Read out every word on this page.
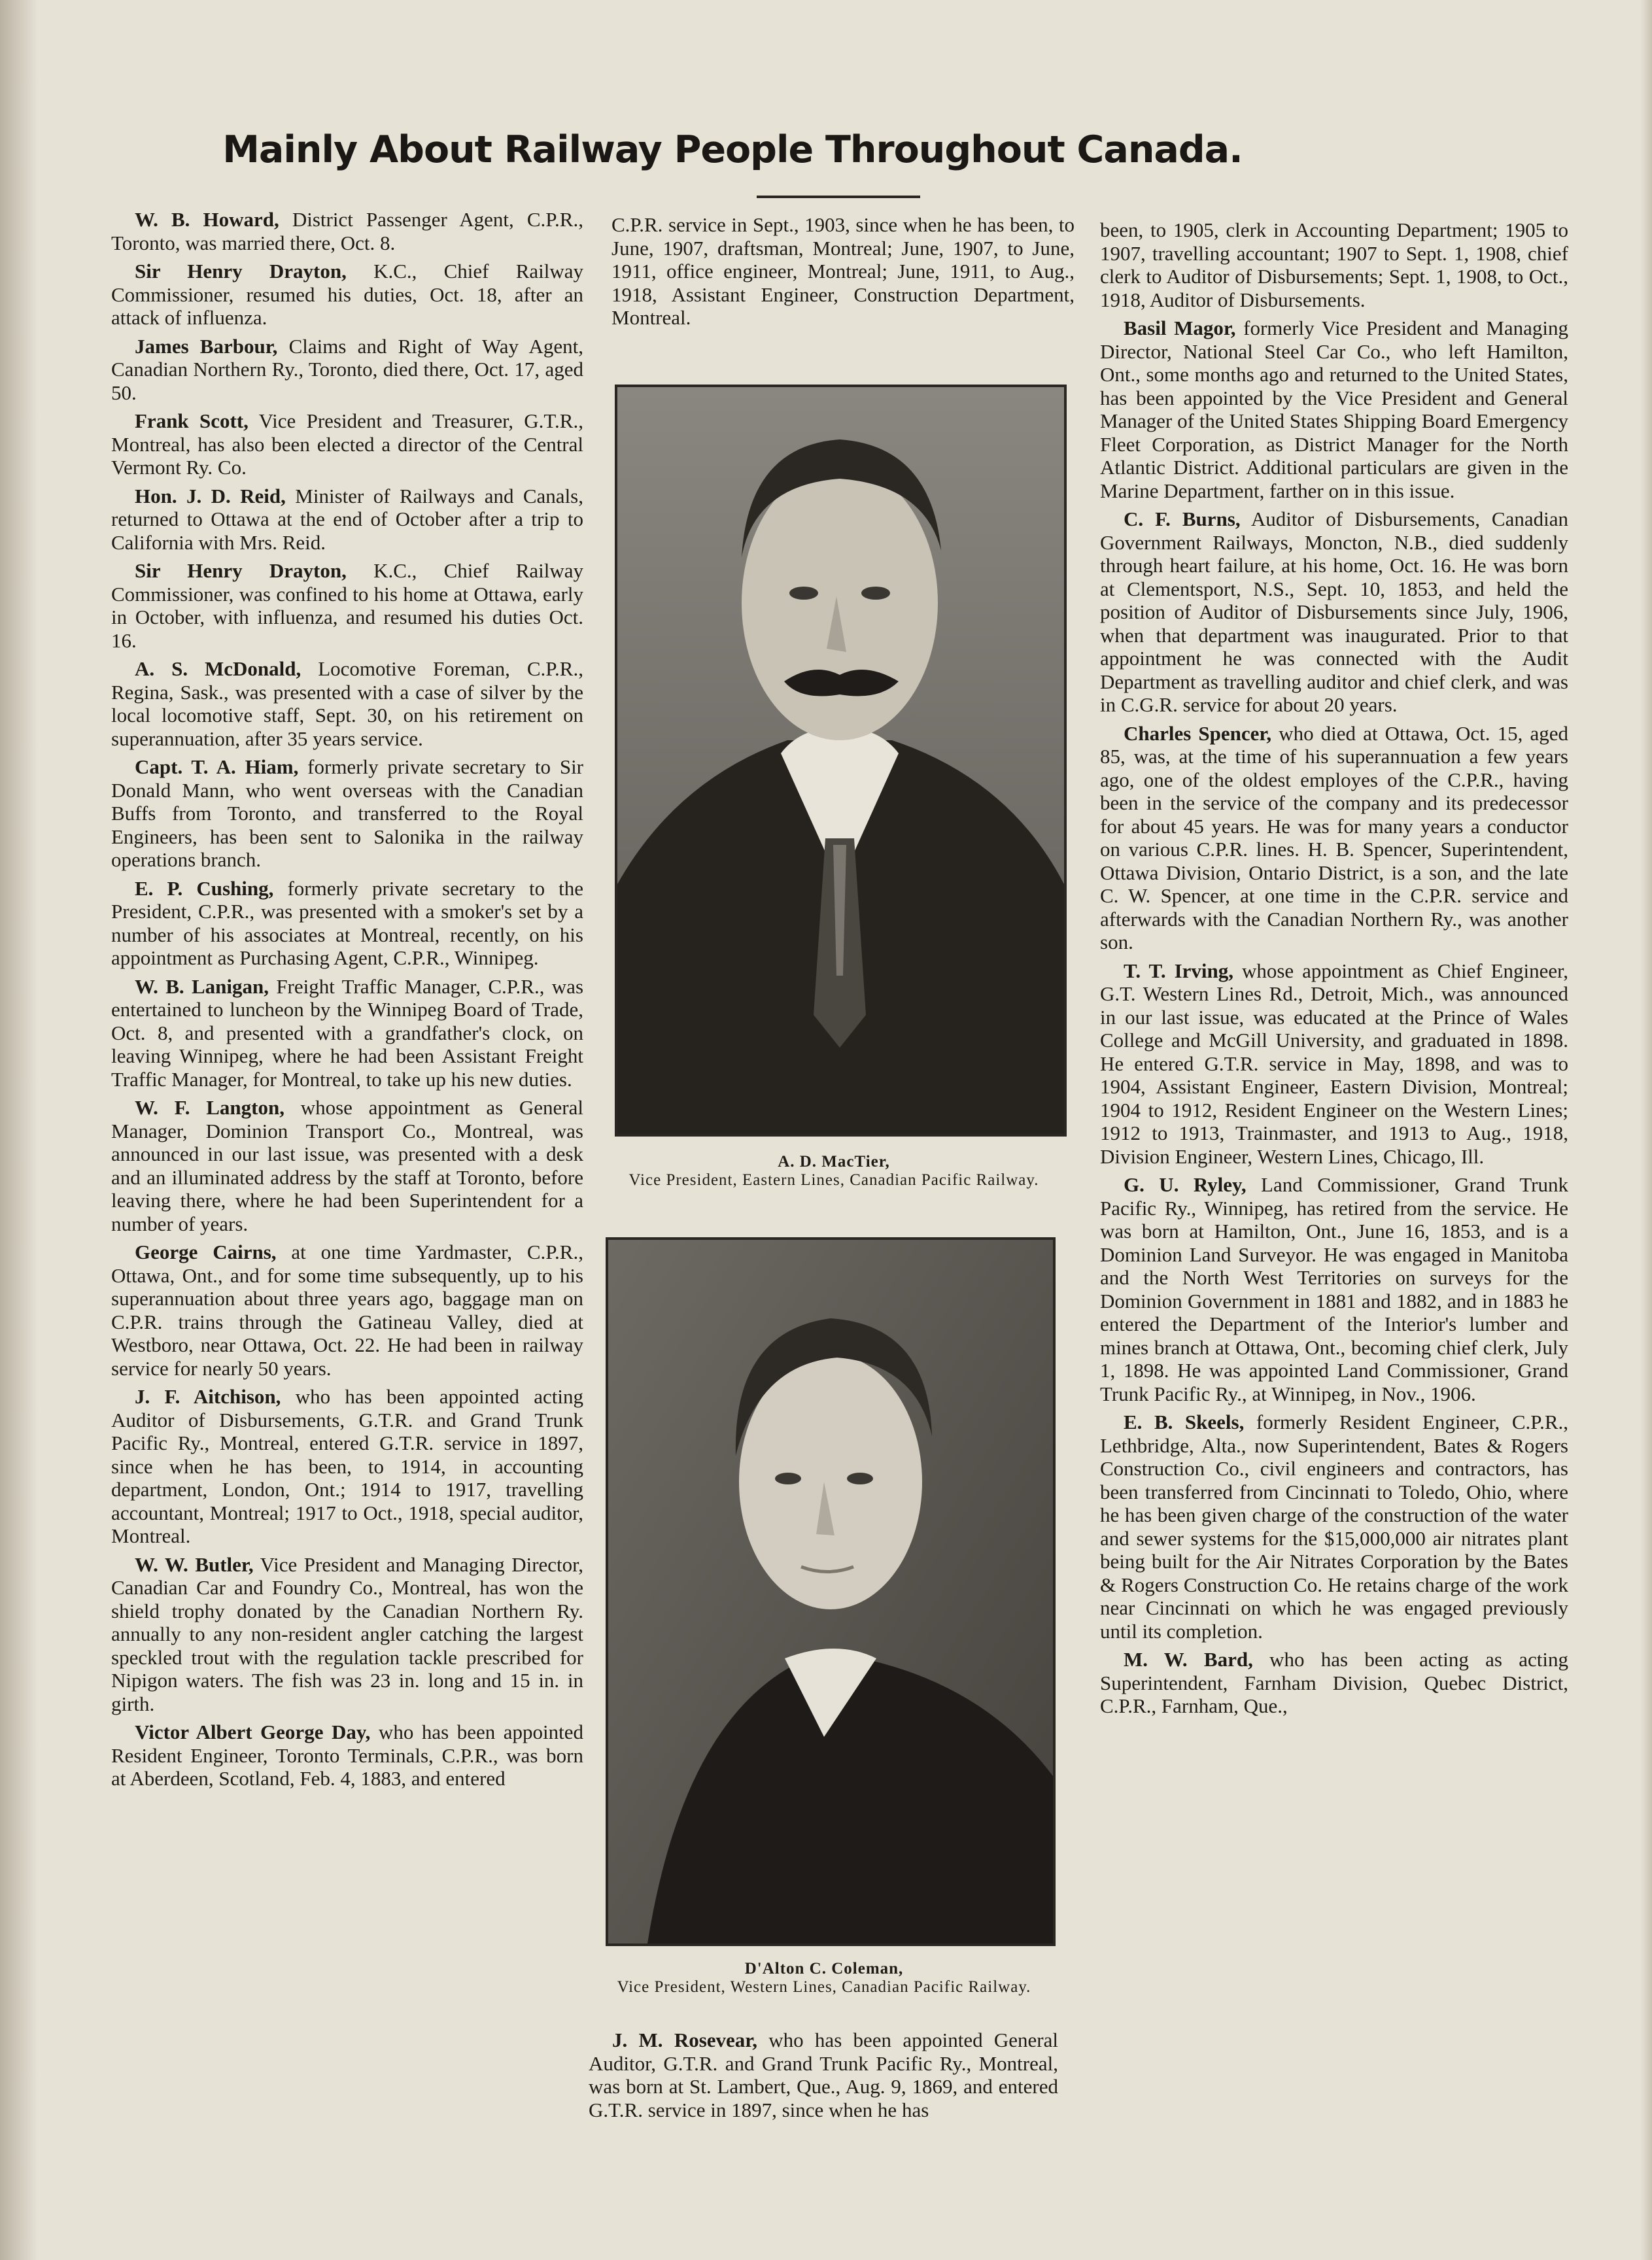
Mainly About Railway People Throughout Canada.

W. B. Howard, District Passenger Agent, C.P.R., Toronto, was married there, Oct. 8.

Sir Henry Drayton, K.C., Chief Railway Commissioner, resumed his duties, Oct. 18, after an attack of influenza.

James Barbour, Claims and Right of Way Agent, Canadian Northern Ry., Toronto, died there, Oct. 17, aged 50.

Frank Scott, Vice President and Treasurer, G.T.R., Montreal, has also been elected a director of the Central Vermont Ry. Co.

Hon. J. D. Reid, Minister of Railways and Canals, returned to Ottawa at the end of October after a trip to California with Mrs. Reid.

Sir Henry Drayton, K.C., Chief Railway Commissioner, was confined to his home at Ottawa, early in October, with influenza, and resumed his duties Oct. 16.

A. S. McDonald, Locomotive Foreman, C.P.R., Regina, Sask., was presented with a case of silver by the local locomotive staff, Sept. 30, on his retirement on superannuation, after 35 years service.

Capt. T. A. Hiam, formerly private secretary to Sir Donald Mann, who went overseas with the Canadian Buffs from Toronto, and transferred to the Royal Engineers, has been sent to Salonika in the railway operations branch.

E. P. Cushing, formerly private secretary to the President, C.P.R., was presented with a smoker's set by a number of his associates at Montreal, recently, on his appointment as Purchasing Agent, C.P.R., Winnipeg.

W. B. Lanigan, Freight Traffic Manager, C.P.R., was entertained to luncheon by the Winnipeg Board of Trade, Oct. 8, and presented with a grandfather's clock, on leaving Winnipeg, where he had been Assistant Freight Traffic Manager, for Montreal, to take up his new duties.

W. F. Langton, whose appointment as General Manager, Dominion Transport Co., Montreal, was announced in our last issue, was presented with a desk and an illuminated address by the staff at Toronto, before leaving there, where he had been Superintendent for a number of years.

George Cairns, at one time Yardmaster, C.P.R., Ottawa, Ont., and for some time subsequently, up to his superannuation about three years ago, baggage man on C.P.R. trains through the Gatineau Valley, died at Westboro, near Ottawa, Oct. 22. He had been in railway service for nearly 50 years.

J. F. Aitchison, who has been appointed acting Auditor of Disbursements, G.T.R. and Grand Trunk Pacific Ry., Montreal, entered G.T.R. service in 1897, since when he has been, to 1914, in accounting department, London, Ont.; 1914 to 1917, travelling accountant, Montreal; 1917 to Oct., 1918, special auditor, Montreal.

W. W. Butler, Vice President and Managing Director, Canadian Car and Foundry Co., Montreal, has won the shield trophy donated by the Canadian Northern Ry. annually to any non-resident angler catching the largest speckled trout with the regulation tackle prescribed for Nipigon waters. The fish was 23 in. long and 15 in. in girth.

Victor Albert George Day, who has been appointed Resident Engineer, Toronto Terminals, C.P.R., was born at Aberdeen, Scotland, Feb. 4, 1883, and entered

C.P.R. service in Sept., 1903, since when he has been, to June, 1907, draftsman, Montreal; June, 1907, to June, 1911, office engineer, Montreal; June, 1911, to Aug., 1918, Assistant Engineer, Construction Department, Montreal.

A. D. MacTier,
Vice President, Eastern Lines, Canadian Pacific Railway.
D'Alton C. Coleman,
Vice President, Western Lines, Canadian Pacific Railway.

J. M. Rosevear, who has been appointed General Auditor, G.T.R. and Grand Trunk Pacific Ry., Montreal, was born at St. Lambert, Que., Aug. 9, 1869, and entered G.T.R. service in 1897, since when he has

been, to 1905, clerk in Accounting Department; 1905 to 1907, travelling accountant; 1907 to Sept. 1, 1908, chief clerk to Auditor of Disbursements; Sept. 1, 1908, to Oct., 1918, Auditor of Disbursements.

Basil Magor, formerly Vice President and Managing Director, National Steel Car Co., who left Hamilton, Ont., some months ago and returned to the United States, has been appointed by the Vice President and General Manager of the United States Shipping Board Emergency Fleet Corporation, as District Manager for the North Atlantic District. Additional particulars are given in the Marine Department, farther on in this issue.

C. F. Burns, Auditor of Disbursements, Canadian Government Railways, Moncton, N.B., died suddenly through heart failure, at his home, Oct. 16. He was born at Clementsport, N.S., Sept. 10, 1853, and held the position of Auditor of Disbursements since July, 1906, when that department was inaugurated. Prior to that appointment he was connected with the Audit Department as travelling auditor and chief clerk, and was in C.G.R. service for about 20 years.

Charles Spencer, who died at Ottawa, Oct. 15, aged 85, was, at the time of his superannuation a few years ago, one of the oldest employes of the C.P.R., having been in the service of the company and its predecessor for about 45 years. He was for many years a conductor on various C.P.R. lines. H. B. Spencer, Superintendent, Ottawa Division, Ontario District, is a son, and the late C. W. Spencer, at one time in the C.P.R. service and afterwards with the Canadian Northern Ry., was another son.

T. T. Irving, whose appointment as Chief Engineer, G.T. Western Lines Rd., Detroit, Mich., was announced in our last issue, was educated at the Prince of Wales College and McGill University, and graduated in 1898. He entered G.T.R. service in May, 1898, and was to 1904, Assistant Engineer, Eastern Division, Montreal; 1904 to 1912, Resident Engineer on the Western Lines; 1912 to 1913, Trainmaster, and 1913 to Aug., 1918, Division Engineer, Western Lines, Chicago, Ill.

G. U. Ryley, Land Commissioner, Grand Trunk Pacific Ry., Winnipeg, has retired from the service. He was born at Hamilton, Ont., June 16, 1853, and is a Dominion Land Surveyor. He was engaged in Manitoba and the North West Territories on surveys for the Dominion Government in 1881 and 1882, and in 1883 he entered the Department of the Interior's lumber and mines branch at Ottawa, Ont., becoming chief clerk, July 1, 1898. He was appointed Land Commissioner, Grand Trunk Pacific Ry., at Winnipeg, in Nov., 1906.

E. B. Skeels, formerly Resident Engineer, C.P.R., Lethbridge, Alta., now Superintendent, Bates & Rogers Construction Co., civil engineers and contractors, has been transferred from Cincinnati to Toledo, Ohio, where he has been given charge of the construction of the water and sewer systems for the $15,000,000 air nitrates plant being built for the Air Nitrates Corporation by the Bates & Rogers Construction Co. He retains charge of the work near Cincinnati on which he was engaged previously until its completion.

M. W. Bard, who has been acting as acting Superintendent, Farnham Division, Quebec District, C.P.R., Farnham, Que.,
